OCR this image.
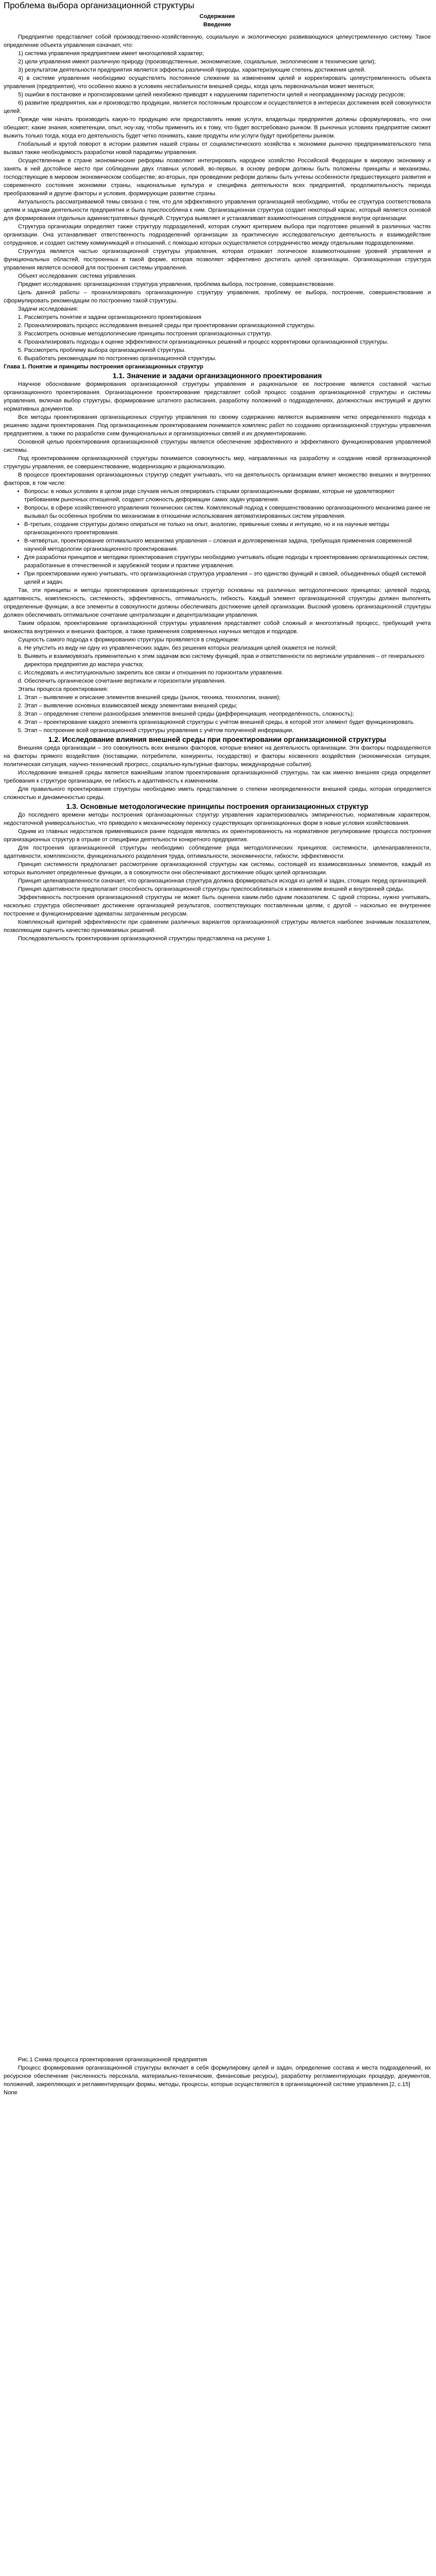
Проблема выбора организационной структуры

Содержание

Введение

Предприятие представляет собой производственно-хозяйственную, социальную и экологическую развивающуюся целеустремленную систему. Такое определение объекта управления означает, что:

1) система управления предприятием имеет многоцелевой характер;

2) цели управления имеют различную природу (производственные, экономические, социальные, экологические и технические цели);

3) результатом деятельности предприятия является эффекты различной природы, характеризующие степень достижения целей.

4) в системе управления необходимо осуществлять постоянное слежение за изменением целей и корректировать целеустремленность объекта управления (предприятия), что особенно важно в условиях нестабильности внешней среды, когда цель первоначальная может меняться;

5) ошибки в постановке и прогнозировании целей неизбежно приводят к нарушениям паритетности целей и неоправданному расходу ресурсов;

6) развитие предприятия, как и производство продукции, является постоянным процессом и осуществляется в интересах достижения всей совокупности целей.

Прежде чем начать производить какую-то продукцию или предоставлять некие услуги, владельцы предприятия должны сформулировать, что они обещают; какие знания, компетенции, опыт, ноу-хау, чтобы применить их к тому, что будет востребовано рынком. В рыночных условиях предприятие сможет выжить только тогда, когда его деятельность будет четко понимать, какие продукты или услуги будут приобретены рынком.

Глобальный и крутой поворот в истории развития нашей страны от социалистического хозяйства к экономике рыночно предпринимательского типа вызвал также необходимость разработки новой парадигмы управления.

Осуществленные в стране экономические реформы позволяют интегрировать народное хозяйство Российской Федерации в мировую экономику и занять в ней достойное место при соблюдении двух главных условий, во-первых, в основу реформ должны быть положены принципы и механизмы, господствующие в мировом экономическом сообществе; во-вторых, при проведении реформ должны быть учтены особенности предшествующего развития и современного состояния экономики страны, национальные культура и специфика деятельности всех предприятий, продолжительность периода преобразований и другие факторы и условия, формирующие развитие страны.

Актуальность рассматриваемой темы связана с тем, что для эффективного управления организацией необходимо, чтобы ее структура соответствовала целям и задачам деятельности предприятия и была приспособлена к ним. Организационная структура создает некоторый каркас, который является основой для формирования отдельных административных функций. Структура выявляет и устанавливает взаимоотношения сотрудников внутри организации.

Структура организации определяет также структуру подразделений, которая служит критерием выбора при подготовке решений в различных частях организации. Она устанавливает ответственность подразделений организации за практическую исследовательскую деятельность и взаимодействие сотрудников, и создает систему коммуникаций и отношений, с помощью которых осуществляется сотрудничество между отдельными подразделениями.

Структура является частью организационной структуры управления, которая отражает логическое взаимоотношение уровней управления и функциональных областей, построенных в такой форме, которая позволяет эффективно достигать целей организации. Организационная структура управления является основой для построения системы управления.

Объект исследования: система управления.

Предмет исследования: организационная структура управления, проблема выбора, построение, совершенствование.

Цель данной работы – проанализировать организационную структуру управления, проблему ее выбора, построение, совершенствование и сформулировать рекомендации по построению такой структуры.

Задачи исследования:

1. Рассмотреть понятие и задачи организационного проектирования
2. Проанализировать процесс исследования внешней среды при проектировании организационной структуры.
3. Рассмотреть основные методологические принципы построения организационных структур.
4. Проанализировать подходы к оценке эффективности организационных решений и процесс корректировки организационной структуры.
5. Рассмотреть проблему выбора организационной структуры.
6. Выработать рекомендации по построению организационной структуры.

Глава 1. Понятие и принципы построения организационных структур

1.1. Значение и задачи организационного проектирования

Научное обоснование формирования организационной структуры управления и рациональное ее построение является составной частью организационного проектирования. Организационное проектирование представляет собой процесс создания организационной структуры и системы управления, включая выбор структуры, формирование штатного расписания, разработку положений о подразделениях, должностных инструкций и других нормативных документов.

Все методы проектирования организационных структур управления по своему содержанию являются выражением четко определенного подхода к решению задачи проектирования. Под организационным проектированием понимается комплекс работ по созданию организационной структуры управления предприятием, а также по разработке схем функциональных и организационных связей и их документированию.

Основной целью проектирования организационной структуры является обеспечение эффективного и эффективного функционирования управляемой системы.

Под проектированием организационной структуры понимается совокупность мер, направленных на разработку и создание новой организационной структуры управления, ее совершенствование, модернизацию и рационализацию.

В процессе проектирования организационных структур следует учитывать, что на деятельность организации влияет множество внешних и внутренних факторов, в том числе:

• Вопросы: в новых условиях в целом ряде случаев нельзя оперировать старыми организационными формами, которые не удовлетворяют требованиям рыночных отношений, создают сложность деформации самих задач управления.
• Вопросы, в сфере хозяйственного управления технических систем. Комплексный подход к совершенствованию организационного механизма ранее не вызывал бы особенных проблем по механизмам в отношении использования автоматизированных систем управления.
• В-третьих, создание структуры должно опираться не только на опыт, аналогию, привычные схемы и интуицию, но и на научные методы организационного проектирования.
• В-четвёртых, проектирование оптимального механизма управления – сложная и долговременная задача, требующая применения современной научной методологии организационного проектирования.
• Для разработки принципов и методики проектирования структуры необходимо учитывать общие подходы к проектированию организационных систем, разработанные в отечественной и зарубежной теории и практике управления.
• При проектировании нужно учитывать, что организационная структура управления – это единство функций и связей, объединённых общей системой целей и задач.

Так, эти принципы и методы проектирования организационных структур основаны на различных методологических принципах: целевой подход, адаптивность, комплексность, системность, эффективность, оптимальность, гибкость. Каждый элемент организационной структуры должен выполнять определенные функции, а все элементы в совокупности должны обеспечивать достижение целей организации. Высокий уровень организационной структуры должен обеспечивать оптимальное сочетание централизации и децентрализации управления.

Таким образом, проектирование организационной структуры управления представляет собой сложный и многоэтапный процесс, требующий учета множества внутренних и внешних факторов, а также применения современных научных методов и подходов.

Сущность самого подхода к формированию структуры проявляется в следующем:

a. Не упустить из виду ни одну из управленческих задач, без решения которых реализация целей окажется не полной;
b. Выявить и взаимоувязать применительно к этим задачам всю систему функций, прав и ответственности по вертикали управления – от генерального директора предприятия до мастера участка;
c. Исследовать и институционально закрепить все связи и отношения по горизонтали управления.
d. Обеспечить органическое сочетание вертикали и горизонтали управления.

Этапы процесса проектирования:

1. Этап – выявление и описание элементов внешней среды (рынок, техника, технологии, знания);
2. Этап – выявление основных взаимосвязей между элементами внешней среды;
3. Этап – определение степени разнообразия элементов внешней среды (дифференциация, неопределённость, сложность);
4. Этап – проектирование каждого элемента организационной структуры с учётом внешней среды, в которой этот элемент будет функционировать.
5. Этап – построение всей организационной структуры управления с учётом полученной информации.

1.2. Исследование влияния внешней среды при проектировании организационной структуры

Внешняя среда организации – это совокупность всех внешних факторов, которые влияют на деятельность организации. Эти факторы подразделяются на факторы прямого воздействия (поставщики, потребители, конкуренты, государство) и факторы косвенного воздействия (экономическая ситуация, политическая ситуация, научно-технический прогресс, социально-культурные факторы, международные события).

Исследование внешней среды является важнейшим этапом проектирования организационной структуры, так как именно внешняя среда определяет требования к структуре организации, ее гибкость и адаптивность к изменениям.

Для правильного проектирования структуры необходимо иметь представление о степени неопределенности внешней среды, которая определяется сложностью и динамичностью среды.

1.3. Основные методологические принципы построения организационных структур

До последнего времени методы построения организационных структур управления характеризовались эмпиричностью, нормативным характером, недостаточной универсальностью, что приводило к механическому переносу существующих организационных форм в новые условия хозяйствования.

Одним из главных недостатков применявшихся ранее подходов являлась их ориентированность на нормативное регулирование процесса построения организационных структур в отрыве от специфики деятельности конкретного предприятия.

Для построения организационной структуры необходимо соблюдение ряда методологических принципов: системности, целенаправленности, адаптивности, комплексности, функционального разделения труда, оптимальности, экономичности, гибкости, эффективности.

Принцип системности предполагает рассмотрение организационной структуры как системы, состоящей из взаимосвязанных элементов, каждый из которых выполняет определенные функции, а в совокупности они обеспечивают достижение общих целей организации.

Принцип целенаправленности означает, что организационная структура должна формироваться исходя из целей и задач, стоящих перед организацией.

Принцип адаптивности предполагает способность организационной структуры приспосабливаться к изменениям внешней и внутренней среды.

Эффективность построения организационной структуры не может быть оценена каким-либо одним показателем. С одной стороны, нужно учитывать, насколько структура обеспечивает достижение организацией результатов, соответствующих поставленным целям, с другой – насколько ее внутреннее построение и функционирование адекватны затраченным ресурсам.

Комплексный критерий эффективности при сравнении различных вариантов организационной структуры является наиболее значимым показателем, позволяющим оценить качество принимаемых решений.

Последовательность проектирования организационной структуры представлена на рисунке 1.

Рис.1 Схема процесса проектирования организационной предприятия

Процесс формирования организационной структуры включает в себя формулировку целей и задач, определение состава и места подразделений, их ресурсное обеспечение (численность персонала, материально-технические, финансовые ресурсы), разработку регламентирующих процедур, документов, положений, закрепляющих и регламентирующих формы, методы, процессы, которые осуществляются в организационной системе управления.[2, с.15]

None
